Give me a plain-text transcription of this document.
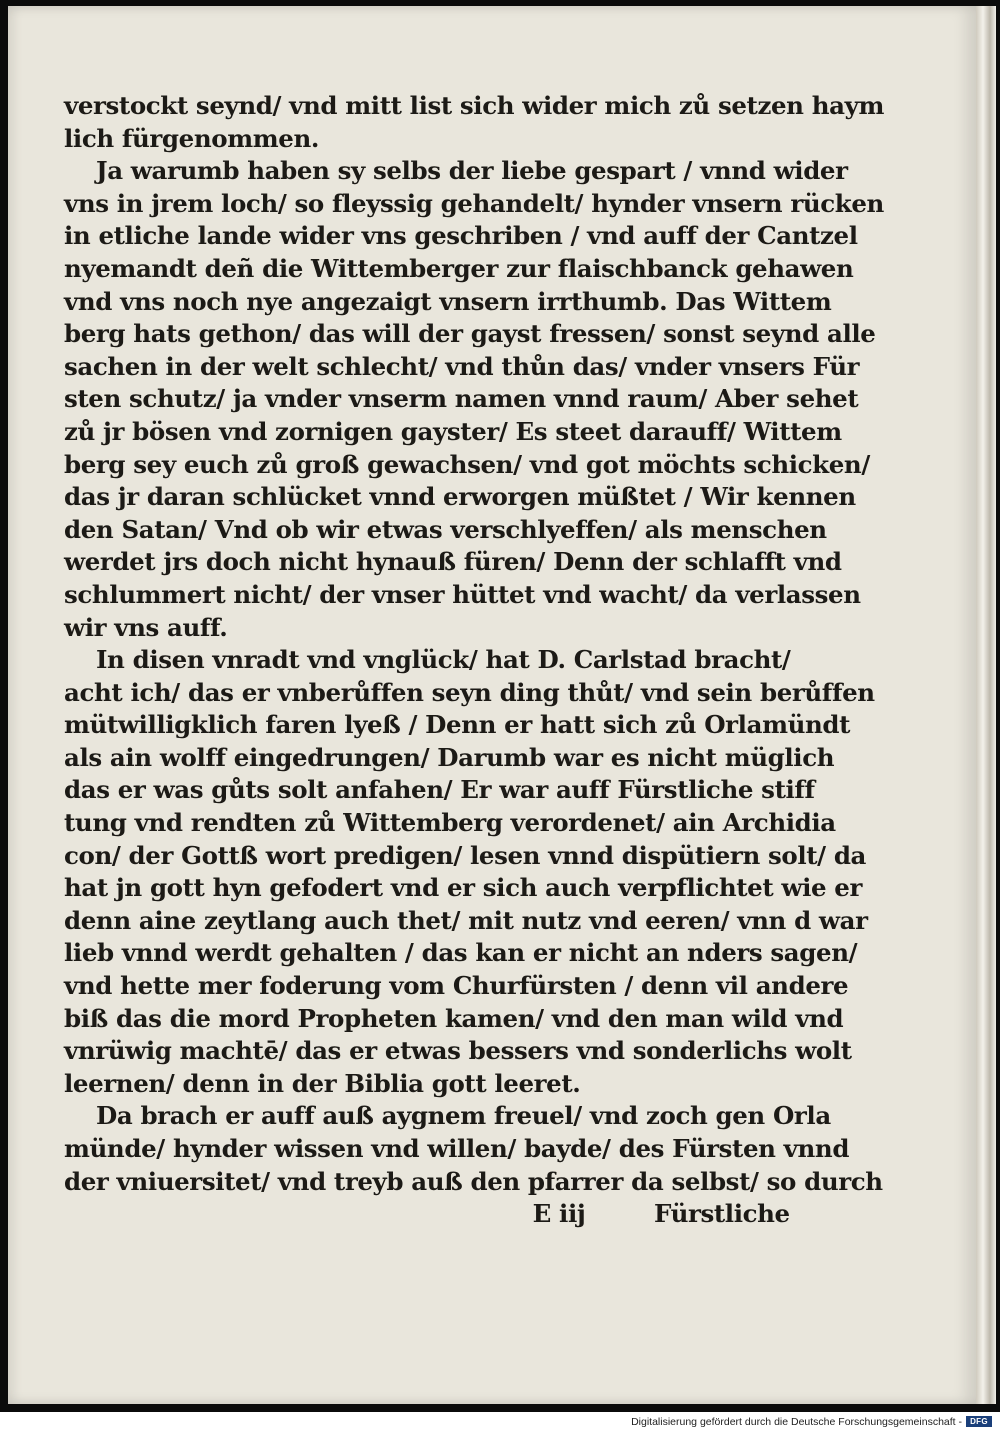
verstockt seynd/ vnd mitt list sich wider mich zů setzen haym
lich fürgenommen.
Ja warumb haben sy selbs der liebe gespart / vnnd wider
vns in jrem loch/ so fleyssig gehandelt/ hynder vnsern rücken
in etliche lande wider vns geschriben / vnd auff der Cantzel
nyemandt deñ die Wittemberger zur flaischbanck gehawen
vnd vns noch nye angezaigt vnsern irrthumb. Das Wittem
berg hats gethon/ das will der gayst fressen/ sonst seynd alle
sachen in der welt schlecht/ vnd thůn das/ vnder vnsers Für
sten schutz/ ja vnder vnserm namen vnnd raum/ Aber sehet
zů jr bösen vnd zornigen gayster/ Es steet darauff/ Wittem
berg sey euch zů groß gewachsen/ vnd got möchts schicken/
das jr daran schlücket vnnd erworgen müßtet / Wir kennen
den Satan/ Vnd ob wir etwas verschlyeffen/ als menschen
werdet jrs doch nicht hynauß füren/ Denn der schlafft vnd
schlummert nicht/ der vnser hüttet vnd wacht/ da verlassen
wir vns auff.
In disen vnradt vnd vnglück/ hat D. Carlstad bracht/
acht ich/ das er vnberůffen seyn ding thůt/ vnd sein berůffen
mütwilligklich faren lyeß / Denn er hatt sich zů Orlamündt
als ain wolff eingedrungen/ Darumb war es nicht müglich
das er was gůts solt anfahen/ Er war auff Fürstliche stiff
tung vnd rendten zů Wittemberg verordenet/ ain Archidia
con/ der Gottß wort predigen/ lesen vnnd dispütiern solt/ da
hat jn gott hyn gefodert vnd er sich auch verpflichtet wie er
denn aine zeytlang auch thet/ mit nutz vnd eeren/ vnn d war
lieb vnnd werdt gehalten / das kan er nicht an nders sagen/
vnd hette mer foderung vom Churfürsten / denn vil andere
biß das die mord Propheten kamen/ vnd den man wild vnd
vnrüwig machtē/ das er etwas bessers vnd sonderlichs wolt
leernen/ denn in der Biblia gott leeret.
Da brach er auff auß aygnem freuel/ vnd zoch gen Orla
münde/ hynder wissen vnd willen/ bayde/ des Fürsten vnnd
der vniuersitet/ vnd treyb auß den pfarrer da selbst/ so durch
E iij	Fürstliche
Digitalisierung gefördert durch die Deutsche Forschungsgemeinschaft -	DFG
